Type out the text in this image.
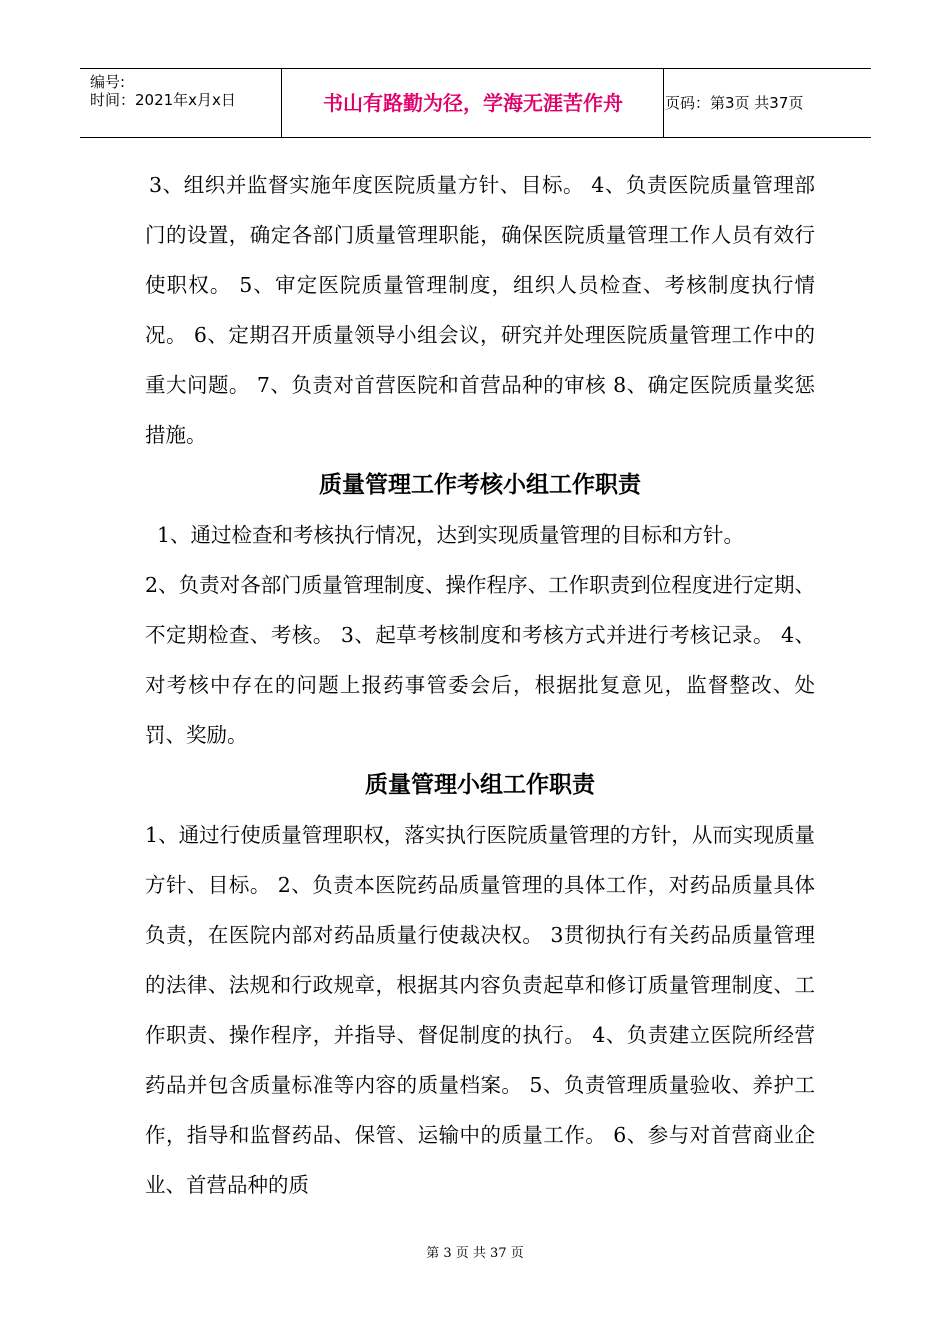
编号:
时间：2021年x月x日	书山有路勤为径，学海无涯苦作舟	页码：第3页 共37页

3、组织并监督实施年度医院质量方针、目标。 4、负责医院质量管理部门的设置，确定各部门质量管理职能，确保医院质量管理工作人员有效行使职权。 5、审定医院质量管理制度，组织人员检查、考核制度执行情况。 6、定期召开质量领导小组会议，研究并处理医院质量管理工作中的重大问题。 7、负责对首营医院和首营品种的审核 8、确定医院质量奖惩措施。

质量管理工作考核小组工作职责

1、通过检查和考核执行情况，达到实现质量管理的目标和方针。

2、负责对各部门质量管理制度、操作程序、工作职责到位程度进行定期、不定期检查、考核。 3、起草考核制度和考核方式并进行考核记录。 4、对考核中存在的问题上报药事管委会后，根据批复意见，监督整改、处罚、奖励。

质量管理小组工作职责

1、通过行使质量管理职权，落实执行医院质量管理的方针，从而实现质量方针、目标。 2、负责本医院药品质量管理的具体工作，对药品质量具体负责，在医院内部对药品质量行使裁决权。 3贯彻执行有关药品质量管理的法律、法规和行政规章，根据其内容负责起草和修订质量管理制度、工作职责、操作程序，并指导、督促制度的执行。 4、负责建立医院所经营药品并包含质量标准等内容的质量档案。 5、负责管理质量验收、养护工作，指导和监督药品、保管、运输中的质量工作。 6、参与对首营商业企业、首营品种的质

第 3 页 共 37 页
